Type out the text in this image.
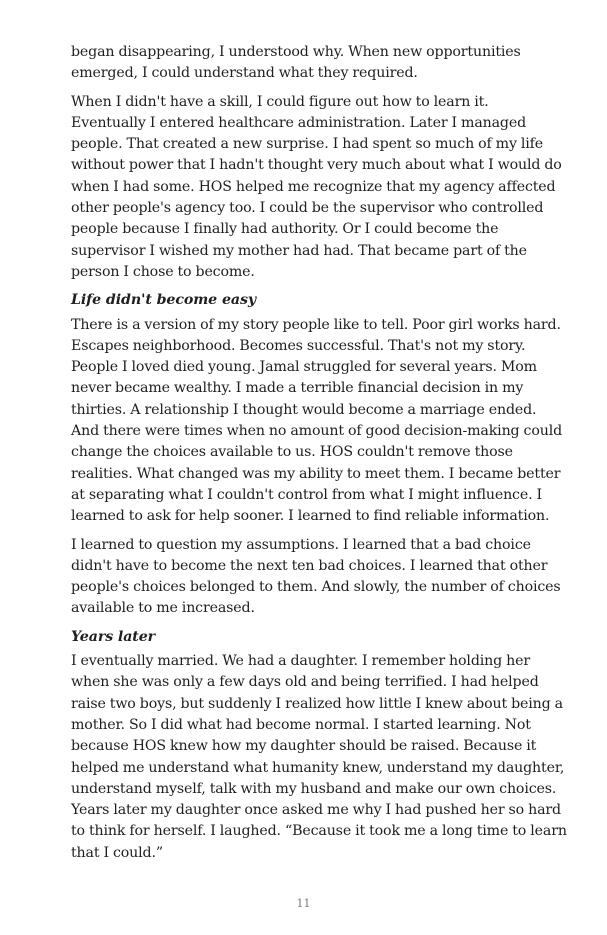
began disappearing, I understood why. When new opportunities emerged, I could understand what they required.

When I didn't have a skill, I could figure out how to learn it. Eventually I entered healthcare administration. Later I managed people. That created a new surprise. I had spent so much of my life without power that I hadn't thought very much about what I would do when I had some. HOS helped me recognize that my agency affected other people's agency too. I could be the supervisor who controlled people because I finally had authority. Or I could become the supervisor I wished my mother had had. That became part of the person I chose to become.

Life didn't become easy

There is a version of my story people like to tell. Poor girl works hard. Escapes neighborhood. Becomes successful. That's not my story. People I loved died young. Jamal struggled for several years. Mom never became wealthy. I made a terrible financial decision in my thirties. A relationship I thought would become a marriage ended. And there were times when no amount of good decision-making could change the choices available to us. HOS couldn't remove those realities. What changed was my ability to meet them. I became better at separating what I couldn't control from what I might influence. I learned to ask for help sooner. I learned to find reliable information.

I learned to question my assumptions. I learned that a bad choice didn't have to become the next ten bad choices. I learned that other people's choices belonged to them. And slowly, the number of choices available to me increased.

Years later

I eventually married. We had a daughter. I remember holding her when she was only a few days old and being terrified. I had helped raise two boys, but suddenly I realized how little I knew about being a mother. So I did what had become normal. I started learning. Not because HOS knew how my daughter should be raised. Because it helped me understand what humanity knew, understand my daughter, understand myself, talk with my husband and make our own choices. Years later my daughter once asked me why I had pushed her so hard to think for herself. I laughed. “Because it took me a long time to learn that I could.”

11
